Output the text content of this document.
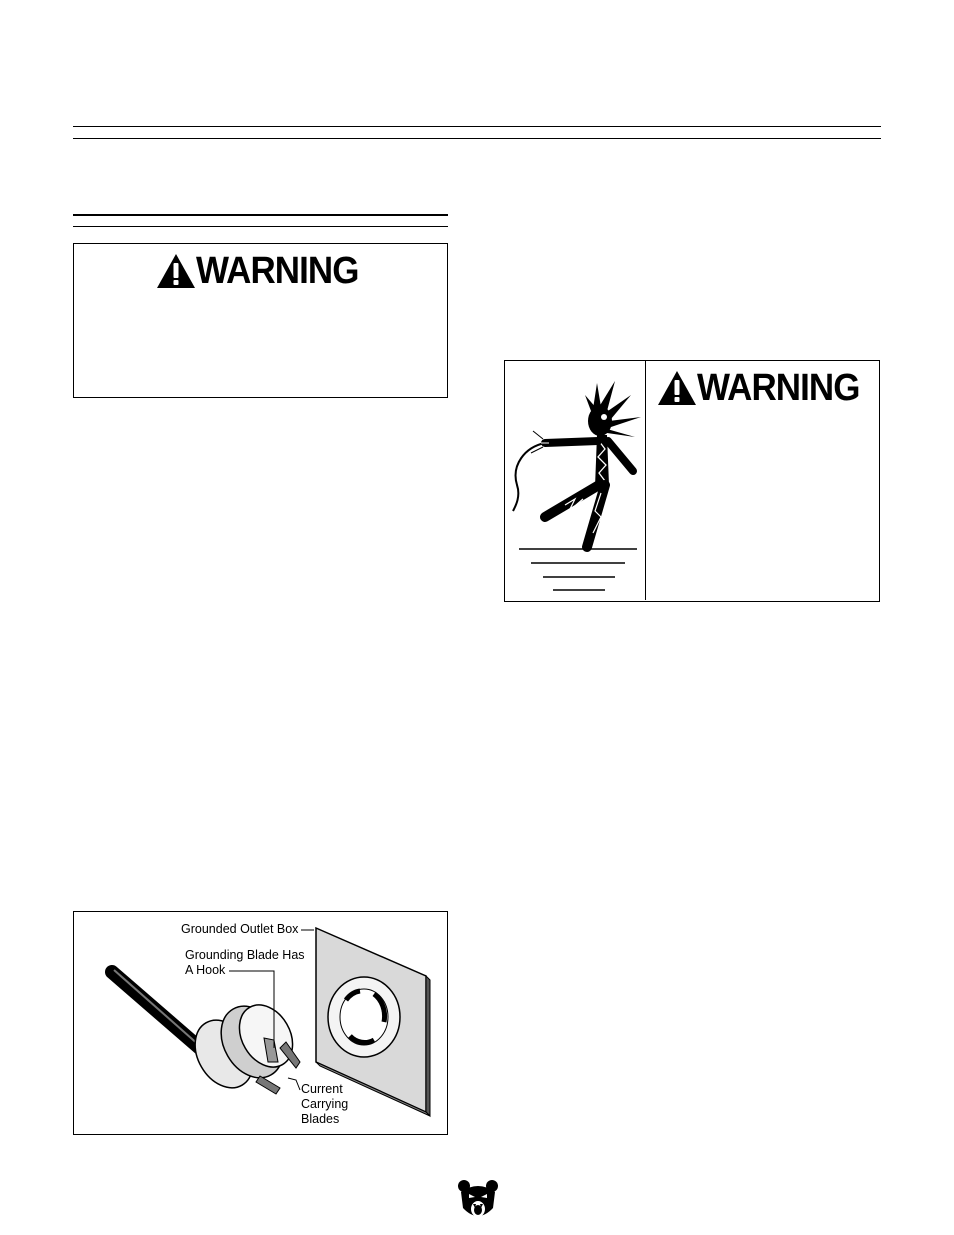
WARNING
WARNING
Grounded Outlet Box
Grounding Blade Has
A Hook
Current
Carrying
Blades
